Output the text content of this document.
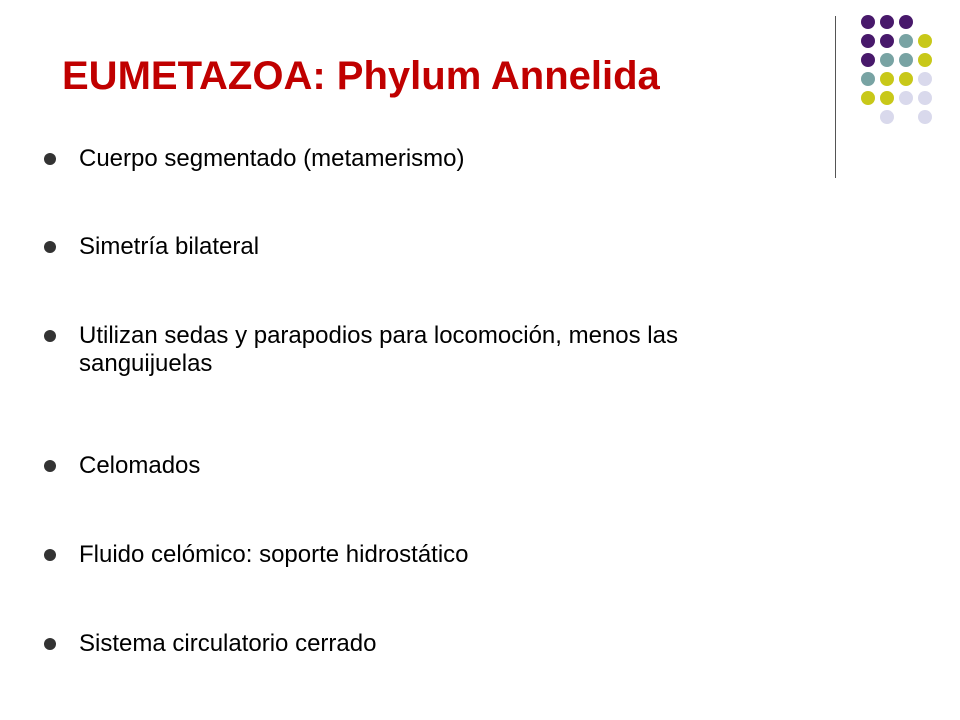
EUMETAZOA: Phylum Annelida
Cuerpo segmentado (metamerismo)
Simetría bilateral
Utilizan sedas y parapodios para locomoción, menos las sanguijuelas
Celomados
Fluido celómico: soporte hidrostático
Sistema circulatorio cerrado
